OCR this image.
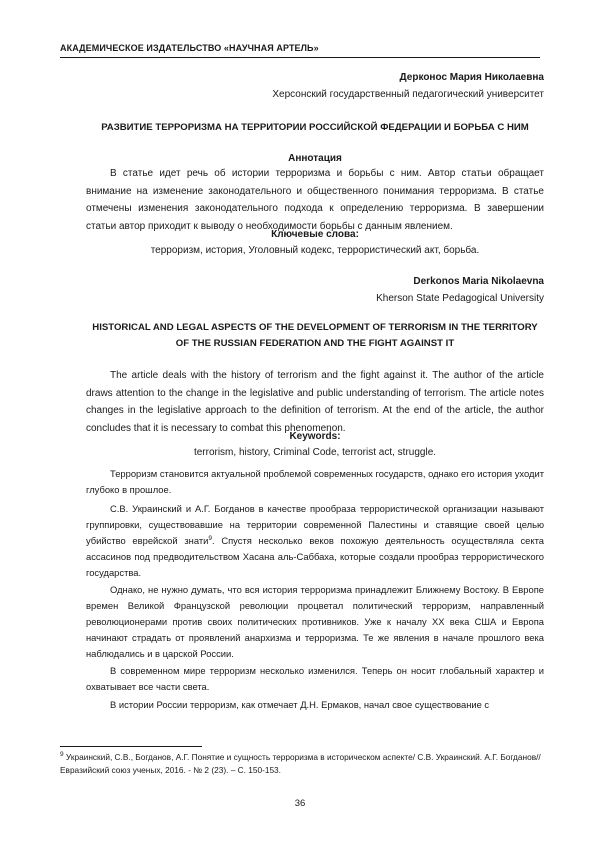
АКАДЕМИЧЕСКОЕ ИЗДАТЕЛЬСТВО «НАУЧНАЯ АРТЕЛЬ»
Дерконос Мария Николаевна
Херсонский государственный педагогический университет
РАЗВИТИЕ ТЕРРОРИЗМА НА ТЕРРИТОРИИ РОССИЙСКОЙ ФЕДЕРАЦИИ И БОРЬБА С НИМ
Аннотация
В статье идет речь об истории терроризма и борьбы с ним. Автор статьи обращает внимание на изменение законодательного и общественного понимания терроризма. В статье отмечены изменения законодательного подхода к определению терроризма. В завершении статьи автор приходит к выводу о необходимости борьбы с данным явлением.
Ключевые слова:
терроризм, история, Уголовный кодекс, террористический акт, борьба.
Derkonos Maria Nikolaevna
Kherson State Pedagogical University
HISTORICAL AND LEGAL ASPECTS OF THE DEVELOPMENT OF TERRORISM IN THE TERRITORY
OF THE RUSSIAN FEDERATION AND THE FIGHT AGAINST IT
The article deals with the history of terrorism and the fight against it. The author of the article draws attention to the change in the legislative and public understanding of terrorism. The article notes changes in the legislative approach to the definition of terrorism. At the end of the article, the author concludes that it is necessary to combat this phenomenon.
Keywords:
terrorism, history, Criminal Code, terrorist act, struggle.
Терроризм становится актуальной проблемой современных государств, однако его история уходит глубоко в прошлое.
С.В. Украинский и А.Г. Богданов в качестве прообраза террористической организации называют группировки, существовавшие на территории современной Палестины и ставящие своей целью убийство еврейской знати$^9$. Спустя несколько веков похожую деятельность осуществляла секта ассасинов под предводительством Хасана аль-Саббаха, которые создали прообраз террористического государства.
Однако, не нужно думать, что вся история терроризма принадлежит Ближнему Востоку. В Европе времен Великой Французской революции процветал политический терроризм, направленный революционерами против своих политических противников. Уже к началу XX века США и Европа начинают страдать от проявлений анархизма и терроризма. Те же явления в начале прошлого века наблюдались и в царской России.
В современном мире терроризм несколько изменился. Теперь он носит глобальный характер и охватывает все части света.
В истории России терроризм, как отмечает Д.Н. Ермаков, начал свое существование с
$^9$ Украинский, С.В., Богданов, А.Г. Понятие и сущность терроризма в историческом аспекте/ С.В. Украинский. А.Г. Богданов// Евразийский союз ученых, 2016. - № 2 (23). – С. 150-153.
36
